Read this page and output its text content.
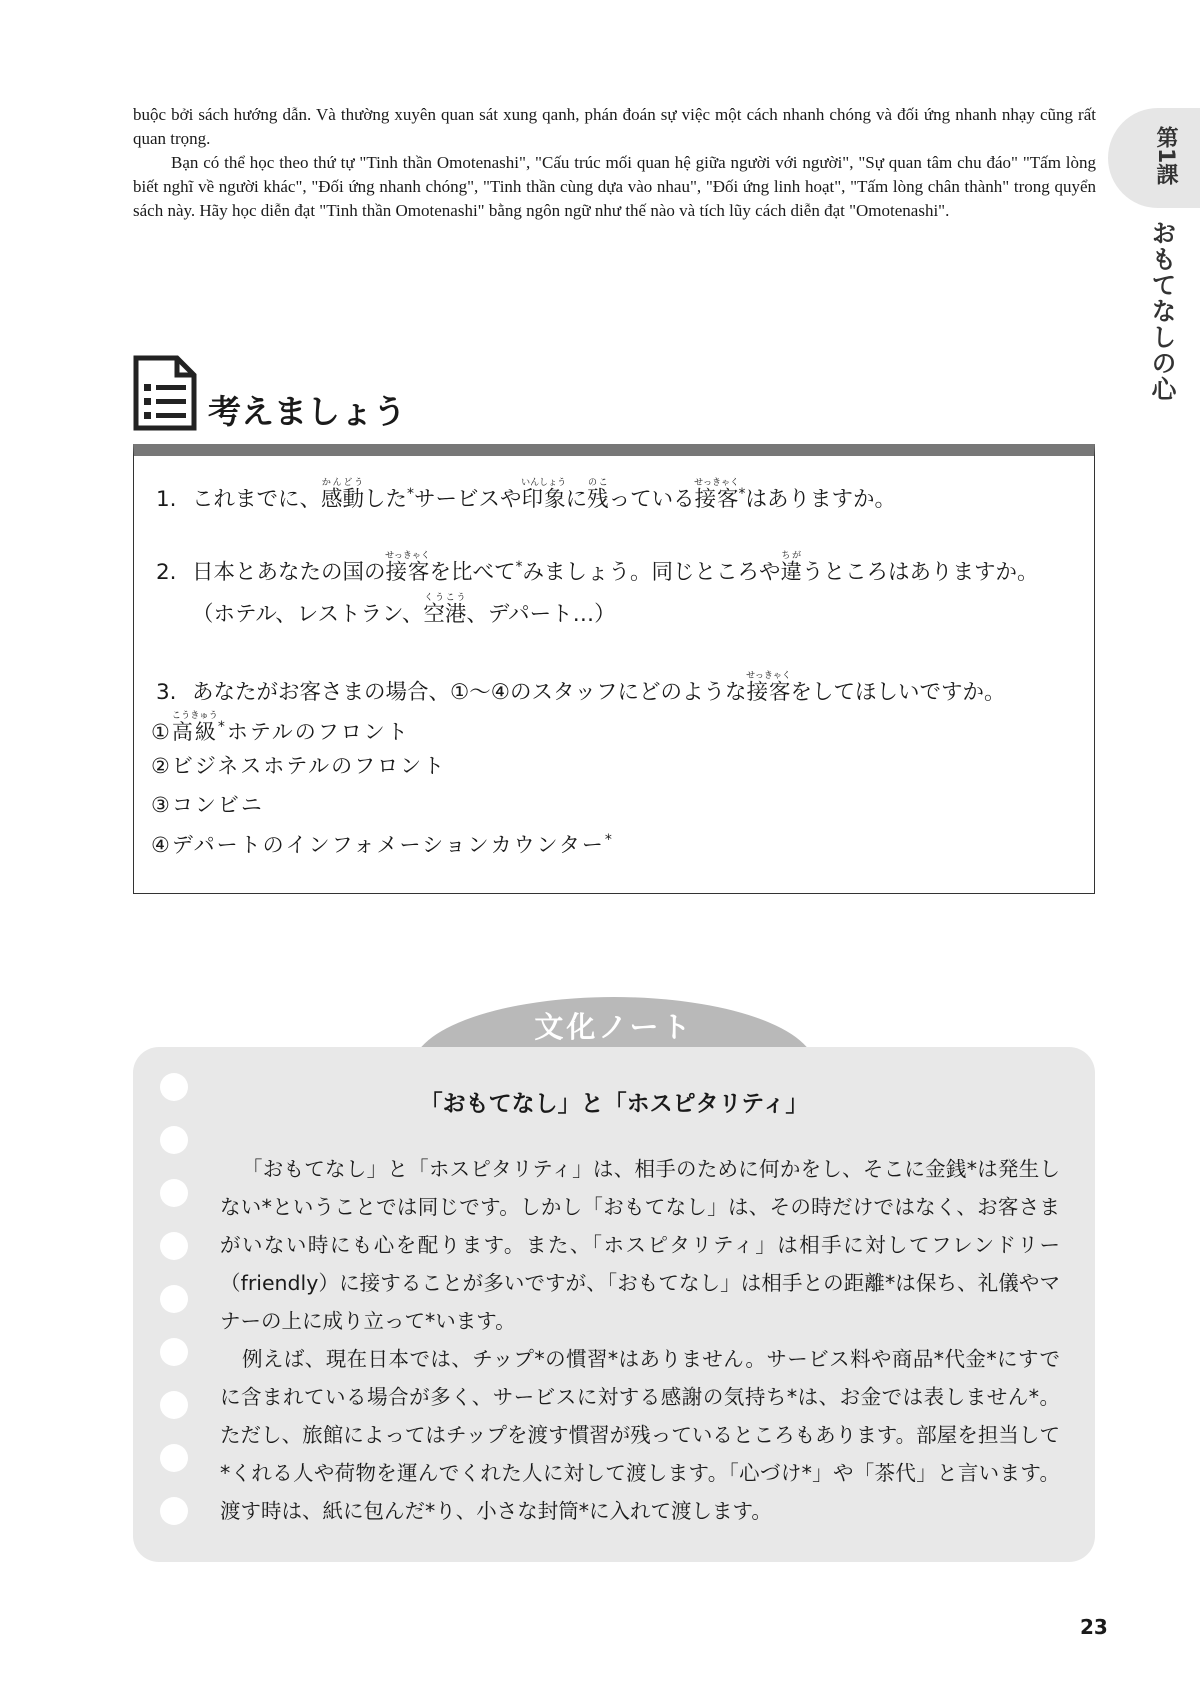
buộc bởi sách hướng dẫn. Và thường xuyên quan sát xung qanh, phán đoán sự việc một cách nhanh chóng và đối ứng nhanh nhạy cũng rất quan trọng.

Bạn có thể học theo thứ tự "Tinh thần Omotenashi", "Cấu trúc mối quan hệ giữa người với người", "Sự quan tâm chu đáo" "Tấm lòng biết nghĩ về người khác", "Đối ứng nhanh chóng", "Tinh thần cùng dựa vào nhau", "Đối ứng linh hoạt", "Tấm lòng chân thành" trong quyển sách này. Hãy học diễn đạt "Tinh thần Omotenashi" bằng ngôn ngữ như thế nào và tích lũy cách diễn đạt "Omotenashi".

第1課
おもてなしの心
考えましょう
1. これまでに、感動かんどうした*サービスや印象いんしょうに残のこっている接客せっきゃく*はありますか。
2. 日本とあなたの国の接客せっきゃくを比べて*みましょう。同じところや違ちがうところはありますか。
（ホテル、レストラン、空港くうこう、デパート…）
3. あなたがお客さまの場合、①～④のスタッフにどのような接客せっきゃくをしてほしいですか。
①高級こうきゅう*ホテルのフロント
②ビジネスホテルのフロント
③コンビニ
④デパートのインフォメーションカウンター*
文化ノート
「おもてなし」と「ホスピタリティ」

「おもてなし」と「ホスピタリティ」は、相手のために何かをし、そこに金銭*は発生しない*ということでは同じです。しかし「おもてなし」は、その時だけではなく、お客さまがいない時にも心を配ります。また、「ホスピタリティ」は相手に対してフレンドリー（friendly）に接することが多いですが、「おもてなし」は相手との距離*は保ち、礼儀やマナーの上に成り立って*います。

例えば、現在日本では、チップ*の慣習*はありません。サービス料や商品*代金*にすでに含まれている場合が多く、サービスに対する感謝の気持ち*は、お金では表しません*。ただし、旅館によってはチップを渡す慣習が残っているところもあります。部屋を担当して*くれる人や荷物を運んでくれた人に対して渡します。「心づけ*」や「茶代」と言います。渡す時は、紙に包んだ*り、小さな封筒*に入れて渡します。

23
